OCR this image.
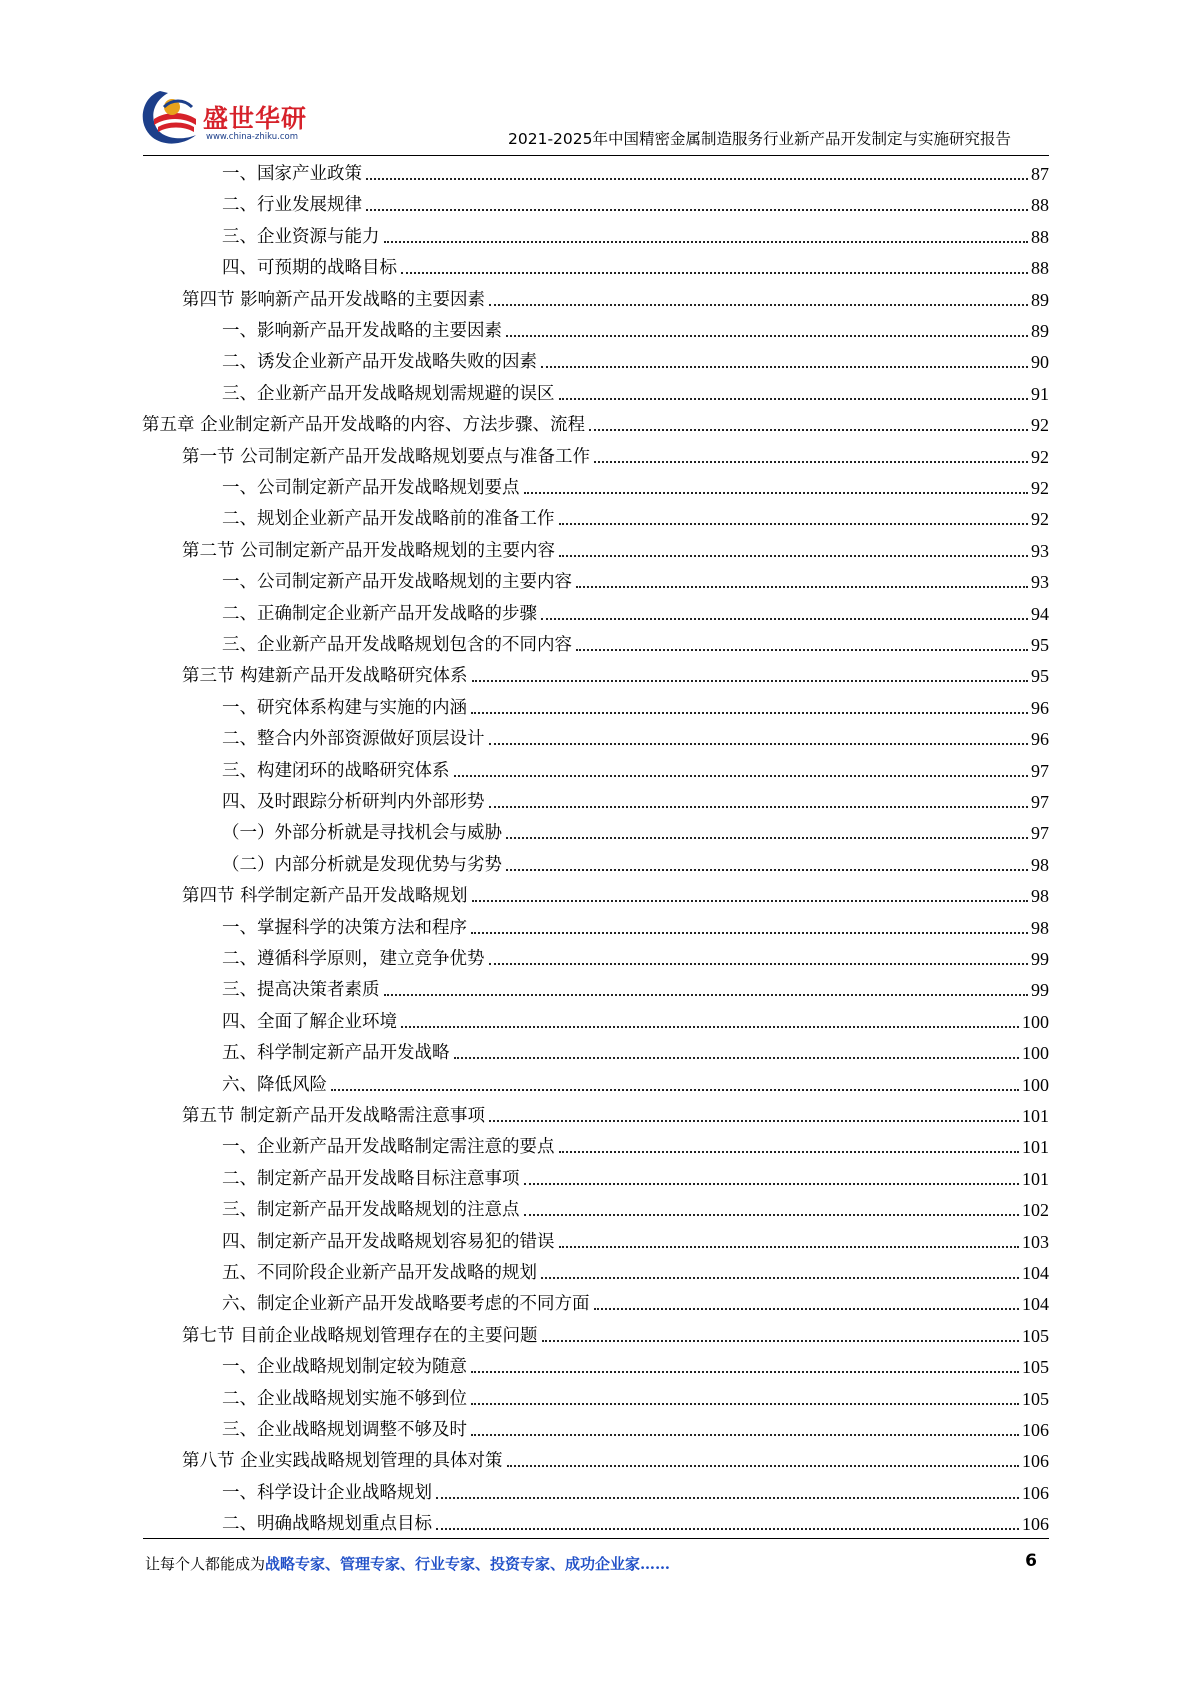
盛世华研
www.china-zhiku.com	2021-2025年中国精密金属制造服务行业新产品开发制定与实施研究报告
一、国家产业政策	87
二、行业发展规律	88
三、企业资源与能力	88
四、可预期的战略目标	88
第四节 影响新产品开发战略的主要因素	89
一、影响新产品开发战略的主要因素	89
二、诱发企业新产品开发战略失败的因素	90
三、企业新产品开发战略规划需规避的误区	91
第五章 企业制定新产品开发战略的内容、方法步骤、流程	92
第一节 公司制定新产品开发战略规划要点与准备工作	92
一、公司制定新产品开发战略规划要点	92
二、规划企业新产品开发战略前的准备工作	92
第二节 公司制定新产品开发战略规划的主要内容	93
一、公司制定新产品开发战略规划的主要内容	93
二、正确制定企业新产品开发战略的步骤	94
三、企业新产品开发战略规划包含的不同内容	95
第三节 构建新产品开发战略研究体系	95
一、研究体系构建与实施的内涵	96
二、整合内外部资源做好顶层设计	96
三、构建闭环的战略研究体系	97
四、及时跟踪分析研判内外部形势	97
（一）外部分析就是寻找机会与威胁	97
（二）内部分析就是发现优势与劣势	98
第四节 科学制定新产品开发战略规划	98
一、掌握科学的决策方法和程序	98
二、遵循科学原则，建立竞争优势	99
三、提高决策者素质	99
四、全面了解企业环境	100
五、科学制定新产品开发战略	100
六、降低风险	100
第五节 制定新产品开发战略需注意事项	101
一、企业新产品开发战略制定需注意的要点	101
二、制定新产品开发战略目标注意事项	101
三、制定新产品开发战略规划的注意点	102
四、制定新产品开发战略规划容易犯的错误	103
五、不同阶段企业新产品开发战略的规划	104
六、制定企业新产品开发战略要考虑的不同方面	104
第七节 目前企业战略规划管理存在的主要问题	105
一、企业战略规划制定较为随意	105
二、企业战略规划实施不够到位	105
三、企业战略规划调整不够及时	106
第八节 企业实践战略规划管理的具体对策	106
一、科学设计企业战略规划	106
二、明确战略规划重点目标	106
让每个人都能成为战略专家、管理专家、行业专家、投资专家、成功企业家……	6
